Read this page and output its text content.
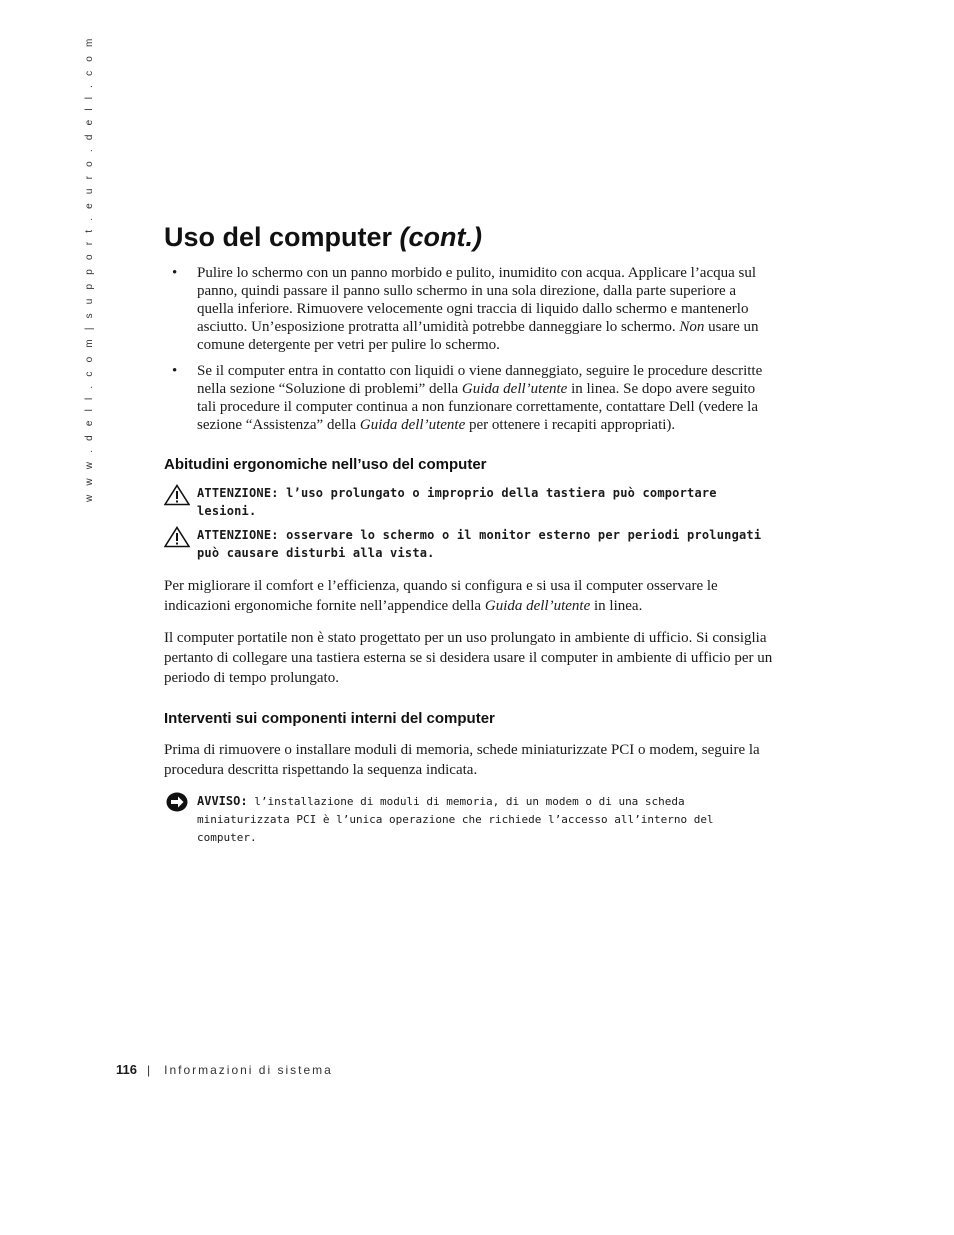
w w w . d e l l . c o m | s u p p o r t . e u r o . d e l l . c o m	Uso del computer (cont.)
• Pulire lo schermo con un panno morbido e pulito, inumidito con acqua. Applicare l’acqua sul panno, quindi passare il panno sullo schermo in una sola direzione, dalla parte superiore a quella inferiore. Rimuovere velocemente ogni traccia di liquido dallo schermo e mantenerlo asciutto. Un’esposizione protratta all’umidità potrebbe danneggiare lo schermo. Non usare un comune detergente per vetri per pulire lo schermo.
• Se il computer entra in contatto con liquidi o viene danneggiato, seguire le procedure descritte nella sezione “Soluzione di problemi” della Guida dell’utente in linea. Se dopo avere seguito tali procedure il computer continua a non funzionare correttamente, contattare Dell (vedere la sezione “Assistenza” della Guida dell’utente per ottenere i recapiti appropriati).
Abitudini ergonomiche nell’uso del computer
ATTENZIONE: l’uso prolungato o improprio della tastiera può comportare lesioni.
ATTENZIONE: osservare lo schermo o il monitor esterno per periodi prolungati può causare disturbi alla vista.

Per migliorare il comfort e l’efficienza, quando si configura e si usa il computer osservare le indicazioni ergonomiche fornite nell’appendice della Guida dell’utente in linea.

Il computer portatile non è stato progettato per un uso prolungato in ambiente di ufficio. Si consiglia pertanto di collegare una tastiera esterna se si desidera usare il computer in ambiente di ufficio per un periodo di tempo prolungato.

Interventi sui componenti interni del computer

Prima di rimuovere o installare moduli di memoria, schede miniaturizzate PCI o modem, seguire la procedura descritta rispettando la sequenza indicata.

AVVISO: l’installazione di moduli di memoria, di un modem o di una scheda miniaturizzata PCI è l’unica operazione che richiede l’accesso all’interno del computer.
116 | Informazioni di sistema
